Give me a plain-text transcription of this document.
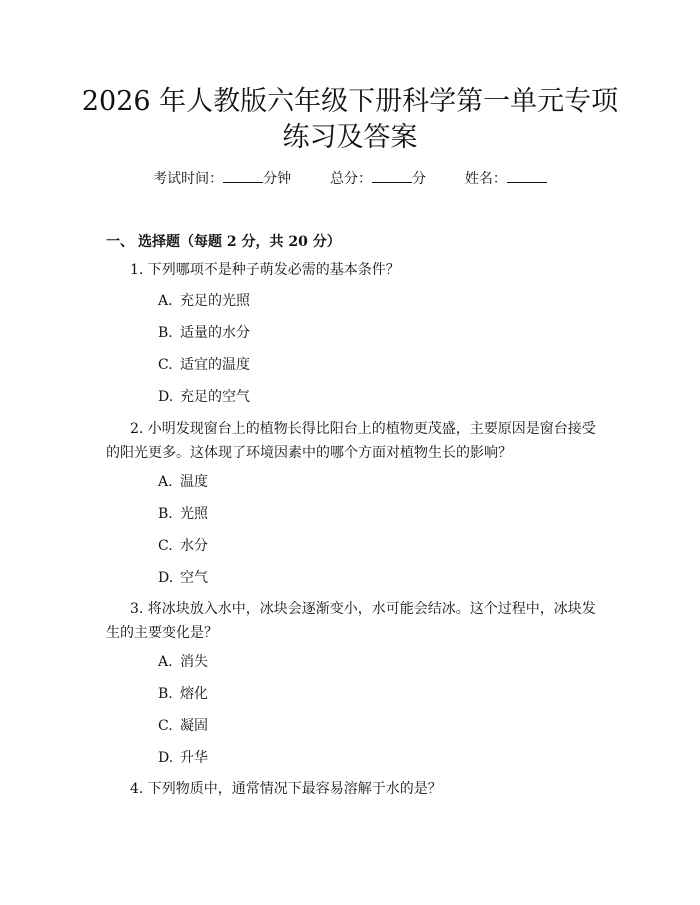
2026 年人教版六年级下册科学第一单元专项
练习及答案
考试时间：	分钟	总分：	分	姓名：
一、 选择题（每题 2 分，共 20 分）
1. 下列哪项不是种子萌发必需的基本条件？
A. 充足的光照
B. 适量的水分
C. 适宜的温度
D. 充足的空气
2. 小明发现窗台上的植物长得比阳台上的植物更茂盛，主要原因是窗台接受的阳光更多。这体现了环境因素中的哪个方面对植物生长的影响？
A. 温度
B. 光照
C. 水分
D. 空气
3. 将冰块放入水中，冰块会逐渐变小，水可能会结冰。这个过程中，冰块发生的主要变化是？
A. 消失
B. 熔化
C. 凝固
D. 升华
4. 下列物质中，通常情况下最容易溶解于水的是？
